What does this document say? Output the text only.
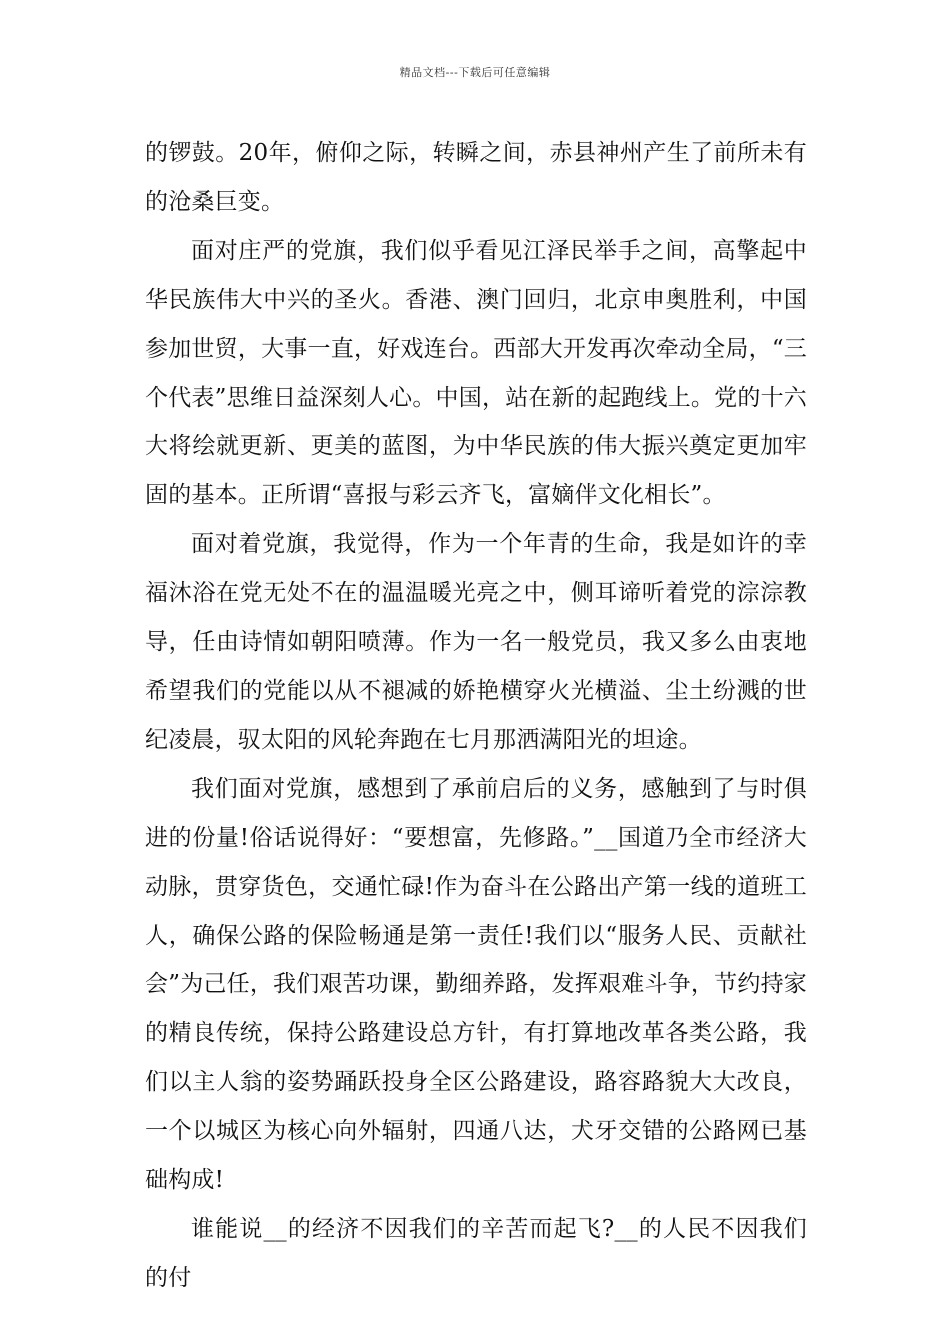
精品文档---下载后可任意编辑

的锣鼓。20年，俯仰之际，转瞬之间，赤县神州产生了前所未有的沧桑巨变。

面对庄严的党旗，我们似乎看见江泽民举手之间，高擎起中华民族伟大中兴的圣火。香港、澳门回归，北京申奥胜利，中国参加世贸，大事一直，好戏连台。西部大开发再次牵动全局，“三个代表”思维日益深刻人心。中国，站在新的起跑线上。党的十六大将绘就更新、更美的蓝图，为中华民族的伟大振兴奠定更加牢固的基本。正所谓“喜报与彩云齐飞，富嫡伴文化相长”。

面对着党旗，我觉得，作为一个年青的生命，我是如许的幸福沐浴在党无处不在的温温暖光亮之中，侧耳谛听着党的淙淙教导，任由诗情如朝阳喷薄。作为一名一般党员，我又多么由衷地希望我们的党能以从不褪减的娇艳横穿火光横溢、尘土纷溅的世纪凌晨，驭太阳的风轮奔跑在七月那洒满阳光的坦途。

我们面对党旗，感想到了承前启后的义务，感触到了与时俱进的份量!俗话说得好：“要想富，先修路。”__国道乃全市经济大动脉，贯穿货色，交通忙碌!作为奋斗在公路出产第一线的道班工人，确保公路的保险畅通是第一责任!我们以“服务人民、贡献社会”为己任，我们艰苦功课，勤细养路，发挥艰难斗争，节约持家的精良传统，保持公路建设总方针，有打算地改革各类公路，我们以主人翁的姿势踊跃投身全区公路建设，路容路貌大大改良，一个以城区为核心向外辐射，四通八达，犬牙交错的公路网已基础构成!

谁能说__的经济不因我们的辛苦而起飞?__的人民不因我们的付
